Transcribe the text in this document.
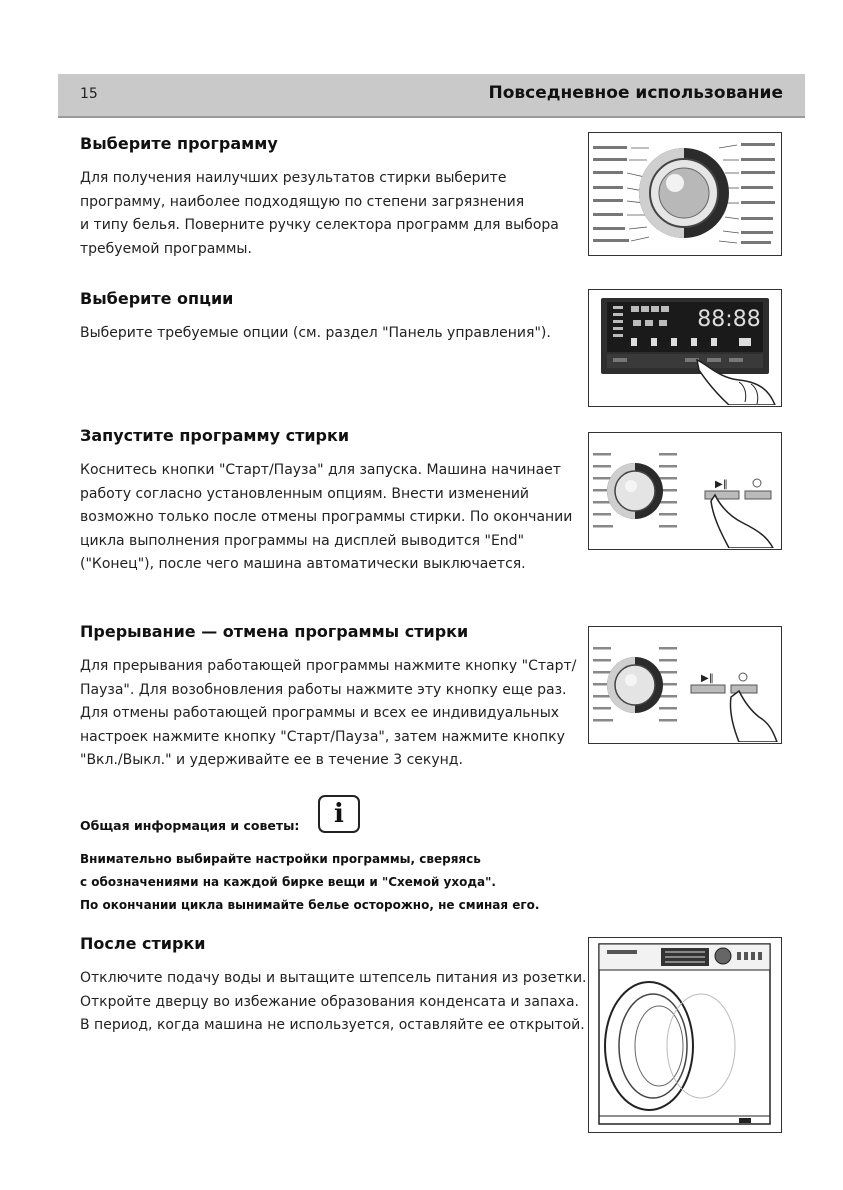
15	Повседневное использование
Выберите программу

Для получения наилучших результатов стирки выберите
программу, наиболее подходящую по степени загрязнения
и типу белья. Поверните ручку селектора программ для выбора
требуемой программы.

Выберите опции

Выберите требуемые опции (см. раздел "Панель управления").

88:88
Запустите программу стирки

Коснитесь кнопки "Старт/Пауза" для запуска. Машина начинает
работу согласно установленным опциям. Внести изменений
возможно только после отмены программы стирки. По окончании
цикла выполнения программы на дисплей выводится "End"
("Конец"), после чего машина автоматически выключается.

▶‖
Прерывание — отмена программы стирки

Для прерывания работающей программы нажмите кнопку "Старт/
Пауза". Для возобновления работы нажмите эту кнопку еще раз.
Для отмены работающей программы и всех ее индивидуальных
настроек нажмите кнопку "Старт/Пауза", затем нажмите кнопку
"Вкл./Выкл." и удерживайте ее в течение 3 секунд.

▶‖
Общая информация и советы:	i
Внимательно выбирайте настройки программы, сверяясь
с обозначениями на каждой бирке вещи и "Схемой ухода".
По окончании цикла вынимайте белье осторожно, не сминая его.
После стирки

Отключите подачу воды и вытащите штепсель питания из розетки.
Откройте дверцу во избежание образования конденсата и запаха.
В период, когда машина не используется, оставляйте ее открытой.
